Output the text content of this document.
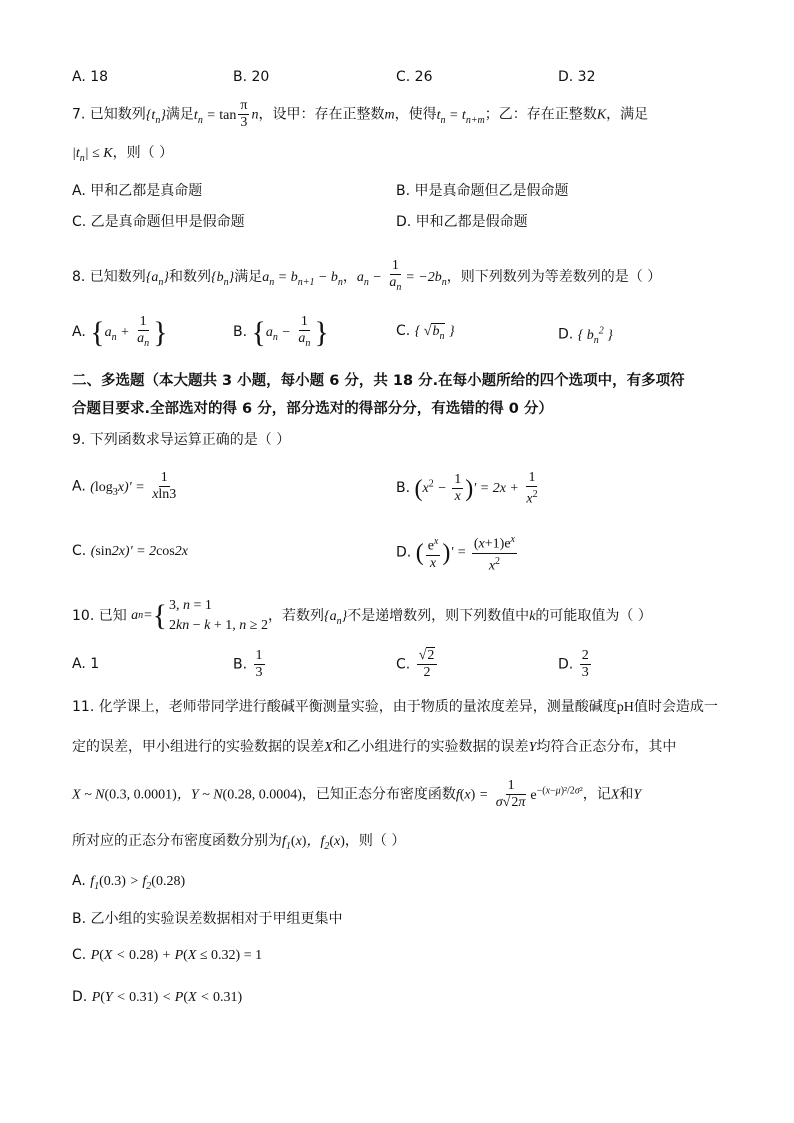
A. 18	B. 20	C. 26	D. 32
7. 已知数列$\{t_n\}$满足$t_n = \tan \frac{\pi}{3}$ n，设甲：存在正整数m，使得$t_n = t_{n+m}$；乙：存在正整数K，满足
$|t_n| \le K$，则（ ）
A. 甲和乙都是真命题	B. 甲是真命题但乙是假命题
C. 乙是真命题但甲是假命题	D. 甲和乙都是假命题
8. 已知数列$\{a_n\}$和数列$\{b_n\}$满足$a_n = b_{n+1} - b_n$，$a_n - \frac{1}{a_n} = -2b_n$，则下列数列为等差数列的是（ ）
A. {$a_n + \frac{1}{a_n}$ }	B. {$a_n - \frac{1}{a_n}$ }	C. { $√b_n$ }	D. { $b_n^2$ }
二、多选题（本大题共 3 小题，每小题 6 分，共 18 分.在每小题所给的四个选项中，有多项符
合题目要求.全部选对的得 6 分，部分选对的得部分分，有选错的得 0 分）
9. 下列函数求导运算正确的是（ ）
A. $(\log_3x)' = \frac{1}{xln3}$	B. ($x^2 - \frac{1}{x}$ )′ = $2x + \frac{1}{x^2}$
C. (sin2x)′ = 2cos2x	D. ( $\frac{e^x}{x}$ )′ = $\frac{(x+1)e^x}{x^2}$
10. 已知 a n = { 3, n = 1
2kn − k + 1, n ≥ 2
，若数列$\{a_n\}$不是递增数列，则下列数值中k的可能取值为（ ）
A. 1	B. $\frac{1}{3}$	C. $\frac{√2}{2}$	D. $\frac{2}{3}$
11. 化学课上，老师带同学进行酸碱平衡测量实验，由于物质的量浓度差异，测量酸碱度pH值时会造成一
定的误差，甲小组进行的实验数据的误差X和乙小组进行的实验数据的误差Y均符合正态分布，其中
X ~ N(0.3, 0.0001)，Y ~ N(0.28, 0.0004)，已知正态分布密度函数$f(x) = \frac{1}{\sigma√2\pi} e^{-(x-\mu)^2/2\sigma^2}$，记X和Y
所对应的正态分布密度函数分别为$f_1(x)$，$f_2(x)$，则（ ）
A. $f_1(0.3) > f_2(0.28)$
B. 乙小组的实验误差数据相对于甲组更集中
C. P(X < 0.28) + P(X ≤ 0.32) = 1
D. P(Y < 0.31) < P(X < 0.31)
